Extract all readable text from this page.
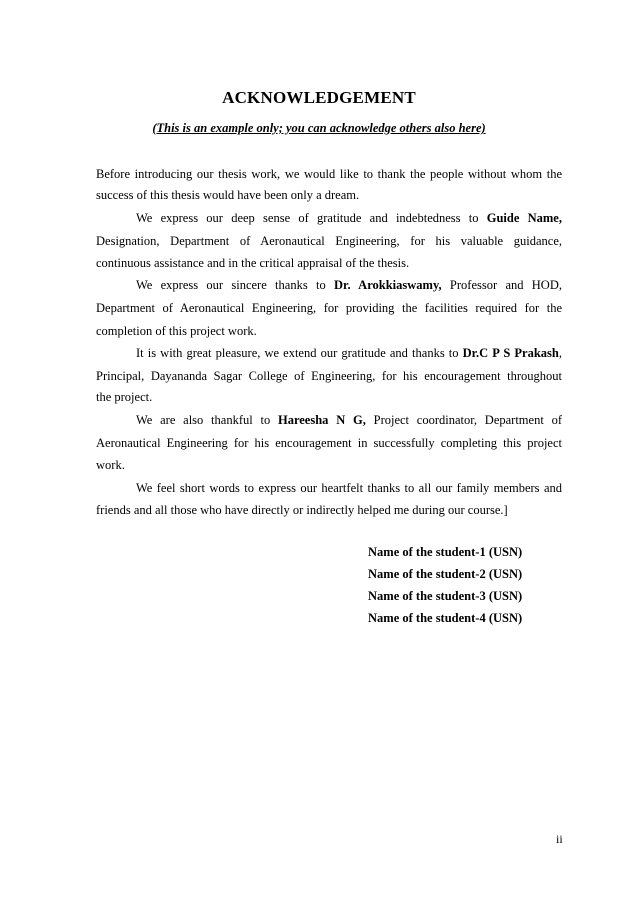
ACKNOWLEDGEMENT
(This is an example only; you can acknowledge others also here)
Before introducing our thesis work, we would like to thank the people without whom the
success of this thesis would have been only a dream.
We express our deep sense of gratitude and indebtedness to Guide Name,
Designation, Department of Aeronautical Engineering, for his valuable guidance,
continuous assistance and in the critical appraisal of the thesis.
We express our sincere thanks to Dr. Arokkiaswamy, Professor and HOD,
Department of Aeronautical Engineering, for providing the facilities required for the
completion of this project work.
It is with great pleasure, we extend our gratitude and thanks to Dr.C P S Prakash,
Principal, Dayananda Sagar College of Engineering, for his encouragement throughout
the project.
We are also thankful to Hareesha N G, Project coordinator, Department of
Aeronautical Engineering for his encouragement in successfully completing this project
work.
We feel short words to express our heartfelt thanks to all our family members and
friends and all those who have directly or indirectly helped me during our course.]
Name of the student-1 (USN)
Name of the student-2 (USN)
Name of the student-3 (USN)
Name of the student-4 (USN)
ii
